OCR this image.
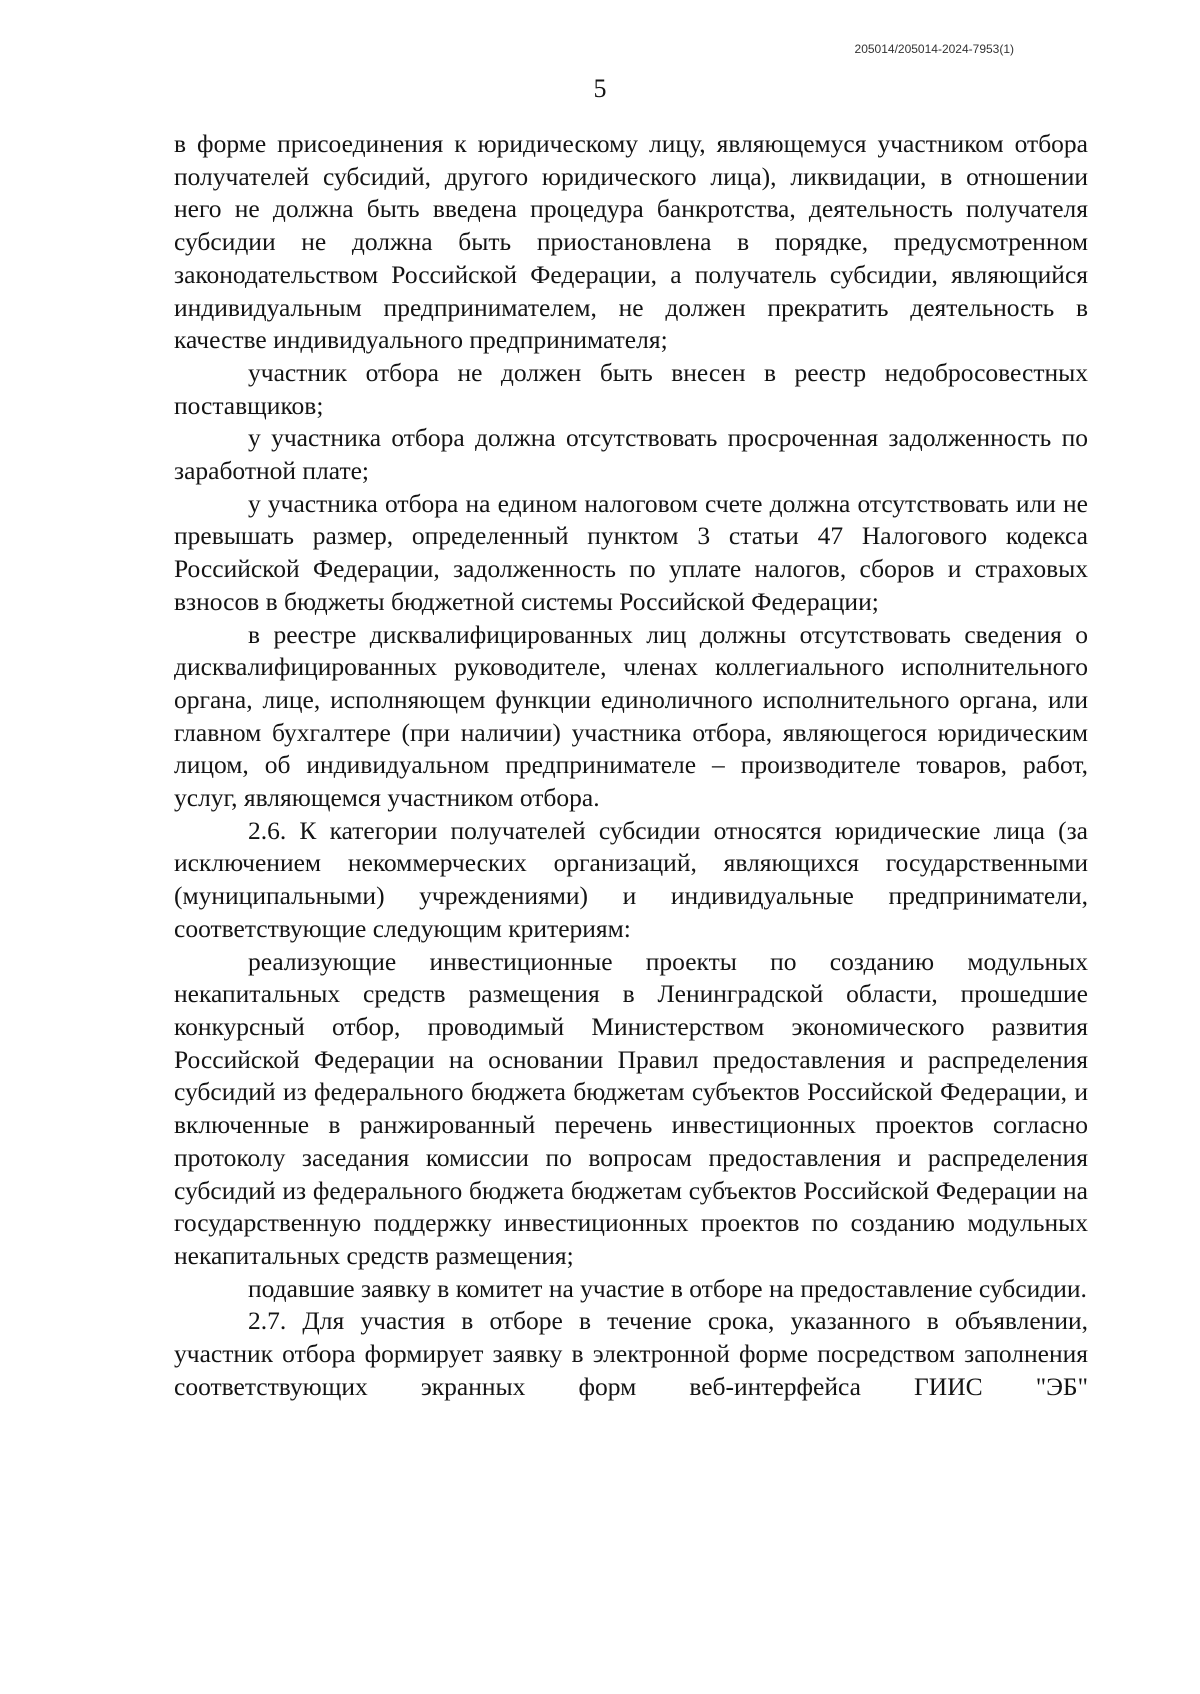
205014/205014-2024-7953(1)
5

в форме присоединения к юридическому лицу, являющемуся участником отбора получателей субсидий, другого юридического лица), ликвидации, в отношении него не должна быть введена процедура банкротства, деятельность получателя субсидии не должна быть приостановлена в порядке, предусмотренном законодательством Российской Федерации, а получатель субсидии, являющийся индивидуальным предпринимателем, не должен прекратить деятельность в качестве индивидуального предпринимателя;

участник отбора не должен быть внесен в реестр недобросовестных поставщиков;

у участника отбора должна отсутствовать просроченная задолженность по заработной плате;

у участника отбора на едином налоговом счете должна отсутствовать или не превышать размер, определенный пунктом 3 статьи 47 Налогового кодекса Российской Федерации, задолженность по уплате налогов, сборов и страховых взносов в бюджеты бюджетной системы Российской Федерации;

в реестре дисквалифицированных лиц должны отсутствовать сведения о дисквалифицированных руководителе, членах коллегиального исполнительного органа, лице, исполняющем функции единоличного исполнительного органа, или главном бухгалтере (при наличии) участника отбора, являющегося юридическим лицом, об индивидуальном предпринимателе – производителе товаров, работ, услуг, являющемся участником отбора.

2.6. К категории получателей субсидии относятся юридические лица (за исключением некоммерческих организаций, являющихся государственными (муниципальными) учреждениями) и индивидуальные предприниматели, соответствующие следующим критериям:

реализующие инвестиционные проекты по созданию модульных некапитальных средств размещения в Ленинградской области, прошедшие конкурсный отбор, проводимый Министерством экономического развития Российской Федерации на основании Правил предоставления и распределения субсидий из федерального бюджета бюджетам субъектов Российской Федерации, и включенные в ранжированный перечень инвестиционных проектов согласно протоколу заседания комиссии по вопросам предоставления и распределения субсидий из федерального бюджета бюджетам субъектов Российской Федерации на государственную поддержку инвестиционных проектов по созданию модульных некапитальных средств размещения;

подавшие заявку в комитет на участие в отборе на предоставление субсидии.

2.7. Для участия в отборе в течение срока, указанного в объявлении, участник отбора формирует заявку в электронной форме посредством заполнения соответствующих экранных форм веб-интерфейса ГИИС "ЭБ"
